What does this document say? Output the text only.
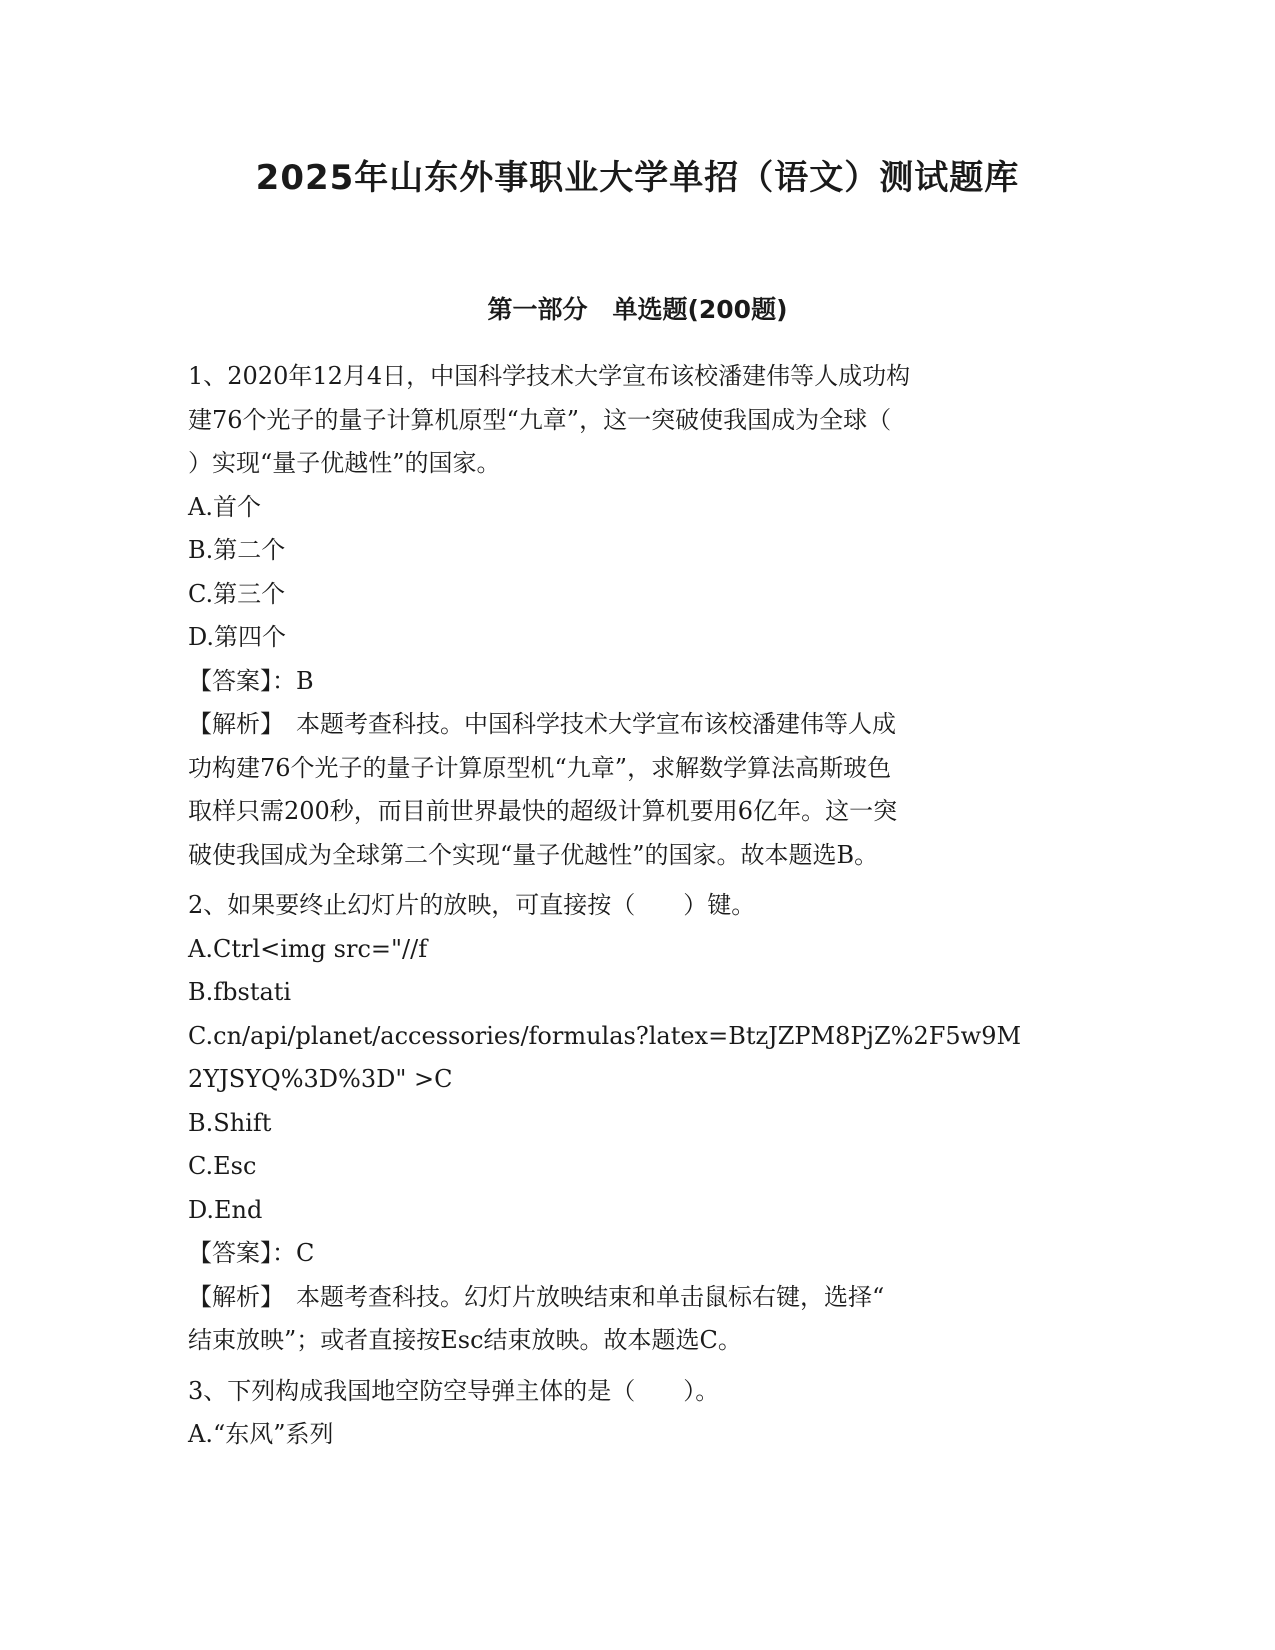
2025年山东外事职业大学单招（语文）测试题库
第一部分　单选题(200题)
1、2020年12月4日，中国科学技术大学宣布该校潘建伟等人成功构
建76个光子的量子计算机原型“九章”，这一突破使我国成为全球（
）实现“量子优越性”的国家。
A.首个
B.第二个
C.第三个
D.第四个
【答案】：B
【解析】　本题考查科技。中国科学技术大学宣布该校潘建伟等人成
功构建76个光子的量子计算原型机“九章”，求解数学算法高斯玻色
取样只需200秒，而目前世界最快的超级计算机要用6亿年。这一突
破使我国成为全球第二个实现“量子优越性”的国家。故本题选B。
2、如果要终止幻灯片的放映，可直接按（　　）键。
A.Ctrl<img src="//f
B.fbstati
C.cn/api/planet/accessories/formulas?latex=BtzJZPM8PjZ%2F5w9M
2YJSYQ%3D%3D" >C
B.Shift
C.Esc
D.End
【答案】：C
【解析】　本题考查科技。幻灯片放映结束和单击鼠标右键，选择“
结束放映”；或者直接按Esc结束放映。故本题选C。
3、下列构成我国地空防空导弹主体的是（　　）。
A.“东风”系列
